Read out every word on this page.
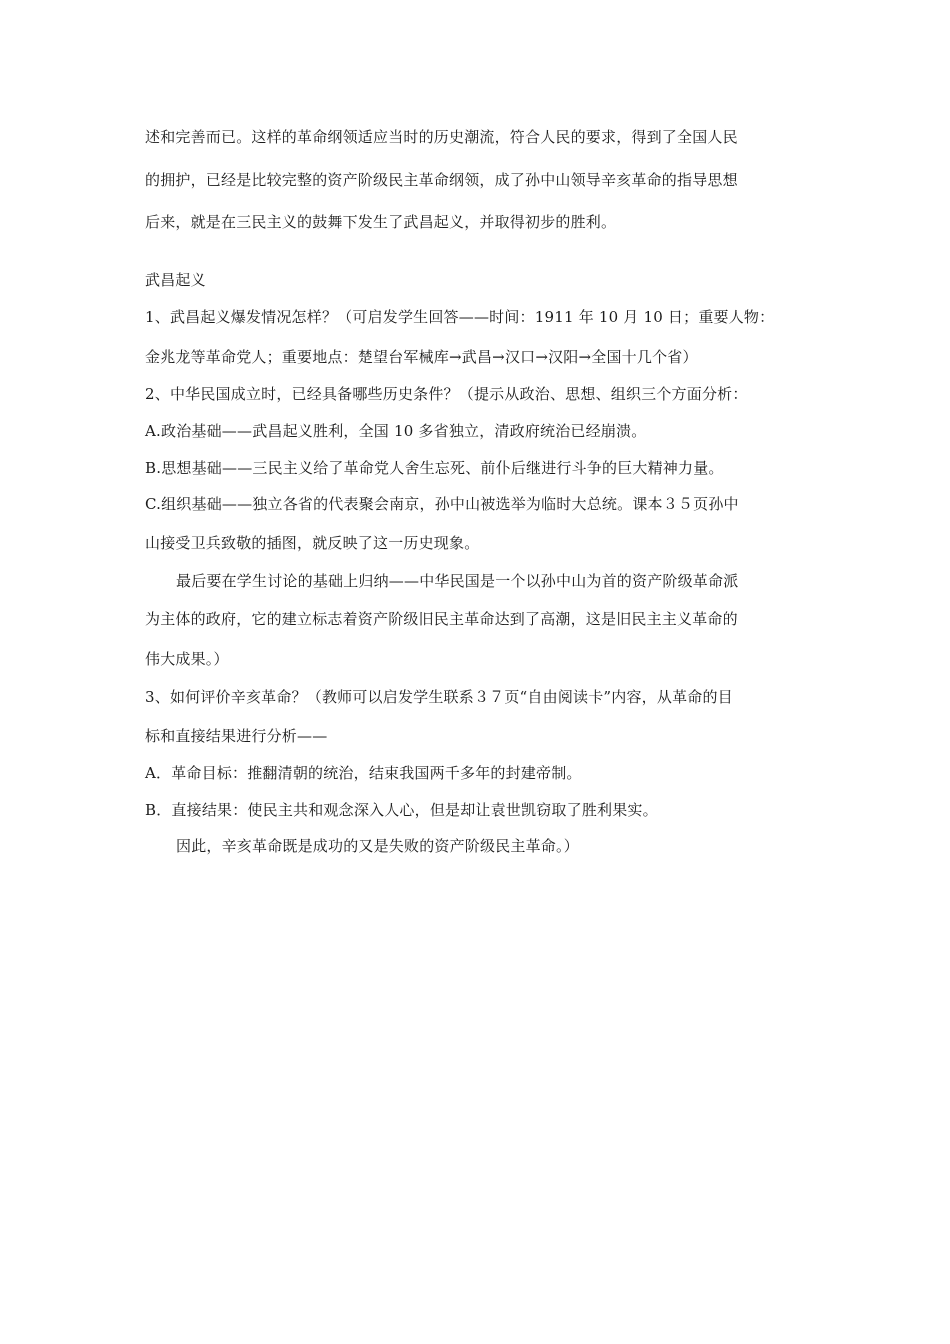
述和完善而已。这样的革命纲领适应当时的历史潮流，符合人民的要求，得到了全国人民
的拥护，已经是比较完整的资产阶级民主革命纲领，成了孙中山领导辛亥革命的指导思想
后来，就是在三民主义的鼓舞下发生了武昌起义，并取得初步的胜利。
武昌起义
1、武昌起义爆发情况怎样？（可启发学生回答——时间：1911 年 10 月 10 日；重要人物：
金兆龙等革命党人；重要地点：楚望台军械库→武昌→汉口→汉阳→全国十几个省）
2、中华民国成立时，已经具备哪些历史条件？（提示从政治、思想、组织三个方面分析：
A.政治基础——武昌起义胜利，全国 10 多省独立，清政府统治已经崩溃。
B.思想基础——三民主义给了革命党人舍生忘死、前仆后继进行斗争的巨大精神力量。
C.组织基础——独立各省的代表聚会南京，孙中山被选举为临时大总统。课本３５页孙中
山接受卫兵致敬的插图，就反映了这一历史现象。
最后要在学生讨论的基础上归纳——中华民国是一个以孙中山为首的资产阶级革命派
为主体的政府，它的建立标志着资产阶级旧民主革命达到了高潮，这是旧民主主义革命的
伟大成果。）
3、如何评价辛亥革命？（教师可以启发学生联系３７页“自由阅读卡”内容，从革命的目
标和直接结果进行分析——
A．革命目标：推翻清朝的统治，结束我国两千多年的封建帝制。
B．直接结果：使民主共和观念深入人心，但是却让袁世凯窃取了胜利果实。
因此，辛亥革命既是成功的又是失败的资产阶级民主革命。）
